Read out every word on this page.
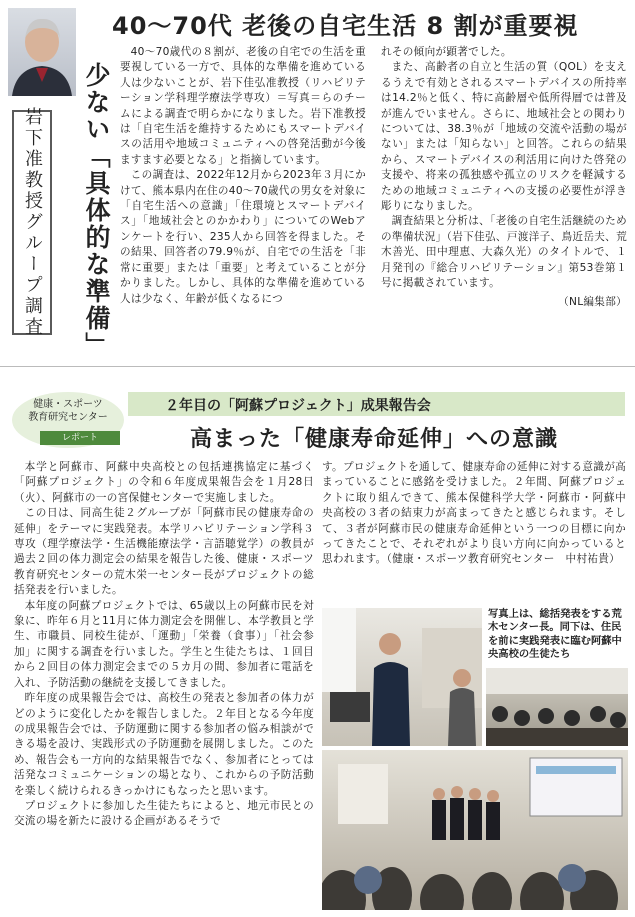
40～70代 老後の自宅生活 8 割が重要視
少ない「具体的な準備」
岩下准教授グループ調査

40～70歳代の８割が、老後の自宅での生活を重要視している一方で、具体的な準備を進めている人は少ないことが、岩下佳弘准教授（リハビリテーション学科理学療法学専攻）＝写真＝らのチームによる調査で明らかになりました。岩下准教授は「自宅生活を維持するためにもスマートデバイスの活用や地域コミュニティへの啓発活動が今後ますます必要となる」と指摘しています。

この調査は、2022年12月から2023年３月にかけて、熊本県内在住の40～70歳代の男女を対象に「自宅生活への意識」「住環境とスマートデバイス」「地域社会とのかかわり」についてのWebアンケートを行い、235人から回答を得ました。その結果、回答者の79.9％が、自宅での生活を「非常に重要」または「重要」と考えていることが分かりました。しかし、具体的な準備を進めている人は少なく、年齢が低くなるにつ

れその傾向が顕著でした。

また、高齢者の自立と生活の質（QOL）を支えるうえで有効とされるスマートデバイスの所持率は14.2％と低く、特に高齢層や低所得層では普及が進んでいません。さらに、地域社会との関わりについては、38.3％が「地域の交流や活動の場がない」または「知らない」と回答。これらの結果から、スマートデバイスの利活用に向けた啓発の支援や、将来の孤独感や孤立のリスクを軽減するための地域コミュニティへの支援の必要性が浮き彫りになりました。

調査結果と分析は、「老後の自宅生活継続のための準備状況」（岩下佳弘、戸渡洋子、鳥近岳夫、荒木善光、田中理恵、大森久光）のタイトルで、１月発刊の『総合リハビリテーション』第53巻第１号に掲載されています。

（NL編集部）
健康・スポーツ
教育研究センター
レポート
２年目の「阿蘇プロジェクト」成果報告会
高まった「健康寿命延伸」への意識

本学と阿蘇市、阿蘇中央高校との包括連携協定に基づく「阿蘇プロジェクト」の令和６年度成果報告会を１月28日（火）、阿蘇市の一の宮保健センターで実施しました。

この日は、同高生徒２グループが「阿蘇市民の健康寿命の延伸」をテーマに実践発表。本学リハビリテーション学科３専攻（理学療法学・生活機能療法学・言語聴覚学）の教員が過去２回の体力測定会の結果を報告した後、健康・スポーツ教育研究センターの荒木栄一センター長がプロジェクトの総括発表を行いました。

本年度の阿蘇プロジェクトでは、65歳以上の阿蘇市民を対象に、昨年６月と11月に体力測定会を開催し、本学教員と学生、市職員、同校生徒が、「運動」「栄養（食事）」「社会参加」に関する調査を行いました。学生と生徒たちは、１回目から２回目の体力測定会までの５カ月の間、参加者に電話を入れ、予防活動の継続を支援してきました。

昨年度の成果報告会では、高校生の発表と参加者の体力がどのように変化したかを報告しました。２年目となる今年度の成果報告会では、予防運動に関する参加者の悩み相談ができる場を設け、実践形式の予防運動を展開しました。このため、報告会も一方向的な結果報告でなく、参加者にとっては活発なコミュニケーションの場となり、これからの予防活動を楽しく続けられるきっかけにもなったと思います。

プロジェクトに参加した生徒たちによると、地元市民との交流の場を新たに設ける企画があるそうで

す。プロジェクトを通して、健康寿命の延伸に対する意識が高まっていることに感銘を受けました。２年間、阿蘇プロジェクトに取り組んできて、熊本保健科学大学・阿蘇市・阿蘇中央高校の３者の結束力が高まってきたと感じられます。そして、３者が阿蘇市民の健康寿命延伸という一つの目標に向かってきたことで、それぞれがより良い方向に向かっていると思われます。（健康・スポーツ教育研究センター　中村祐貴）

写真上は、総括発表をする荒木センター長。同下は、住民を前に実践発表に臨む阿蘇中央高校の生徒たち
